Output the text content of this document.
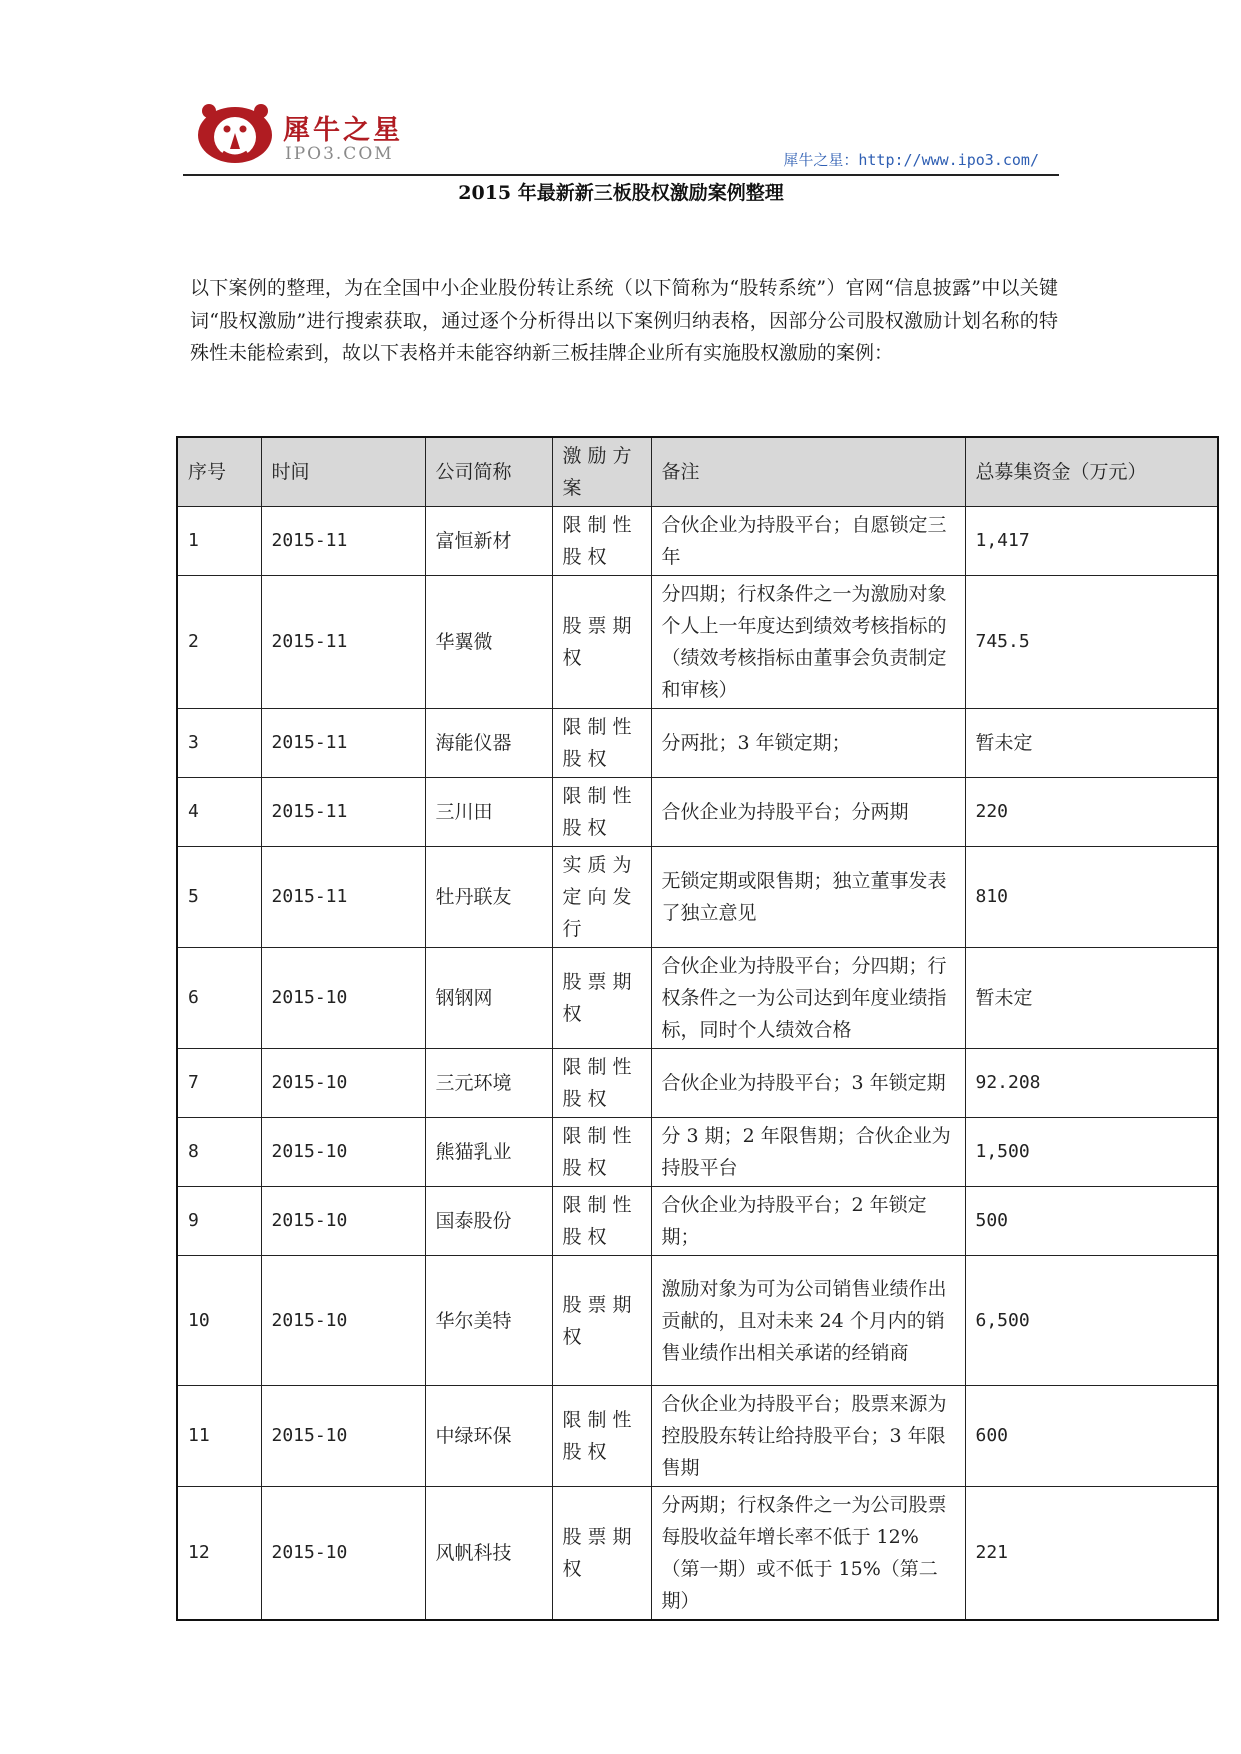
犀牛之星
IPO3.COM	犀牛之星：http://www.ipo3.com/
2015 年最新新三板股权激励案例整理
以下案例的整理，为在全国中小企业股份转让系统（以下简称为“股转系统”）官网“信息披露”中以关键词“股权激励”进行搜索获取，通过逐个分析得出以下案例归纳表格，因部分公司股权激励计划名称的特殊性未能检索到，故以下表格并未能容纳新三板挂牌企业所有实施股权激励的案例：
序号	时间	公司简称	激励方案	备注	总募集资金（万元）
1	2015-11	富恒新材	限制性股权	合伙企业为持股平台；自愿锁定三年	1,417
2	2015-11	华翼微	股票期权	分四期；行权条件之一为激励对象个人上一年度达到绩效考核指标的（绩效考核指标由董事会负责制定和审核）	745.5
3	2015-11	海能仪器	限制性股权	分两批；3 年锁定期；	暂未定
4	2015-11	三川田	限制性股权	合伙企业为持股平台；分两期	220
5	2015-11	牡丹联友	实质为定向发行	无锁定期或限售期；独立董事发表了独立意见	810
6	2015-10	钢钢网	股票期权	合伙企业为持股平台；分四期；行权条件之一为公司达到年度业绩指标，同时个人绩效合格	暂未定
7	2015-10	三元环境	限制性股权	合伙企业为持股平台；3 年锁定期	92.208
8	2015-10	熊猫乳业	限制性股权	分 3 期；2 年限售期；合伙企业为持股平台	1,500
9	2015-10	国泰股份	限制性股权	合伙企业为持股平台；2 年锁定期；	500
10	2015-10	华尔美特	股票期权	激励对象为可为公司销售业绩作出贡献的，且对未来 24 个月内的销售业绩作出相关承诺的经销商	6,500
11	2015-10	中绿环保	限制性股权	合伙企业为持股平台；股票来源为控股股东转让给持股平台；3 年限售期	600
12	2015-10	风帆科技	股票期权	分两期；行权条件之一为公司股票每股收益年增长率不低于 12%（第一期）或不低于 15%（第二期）	221
